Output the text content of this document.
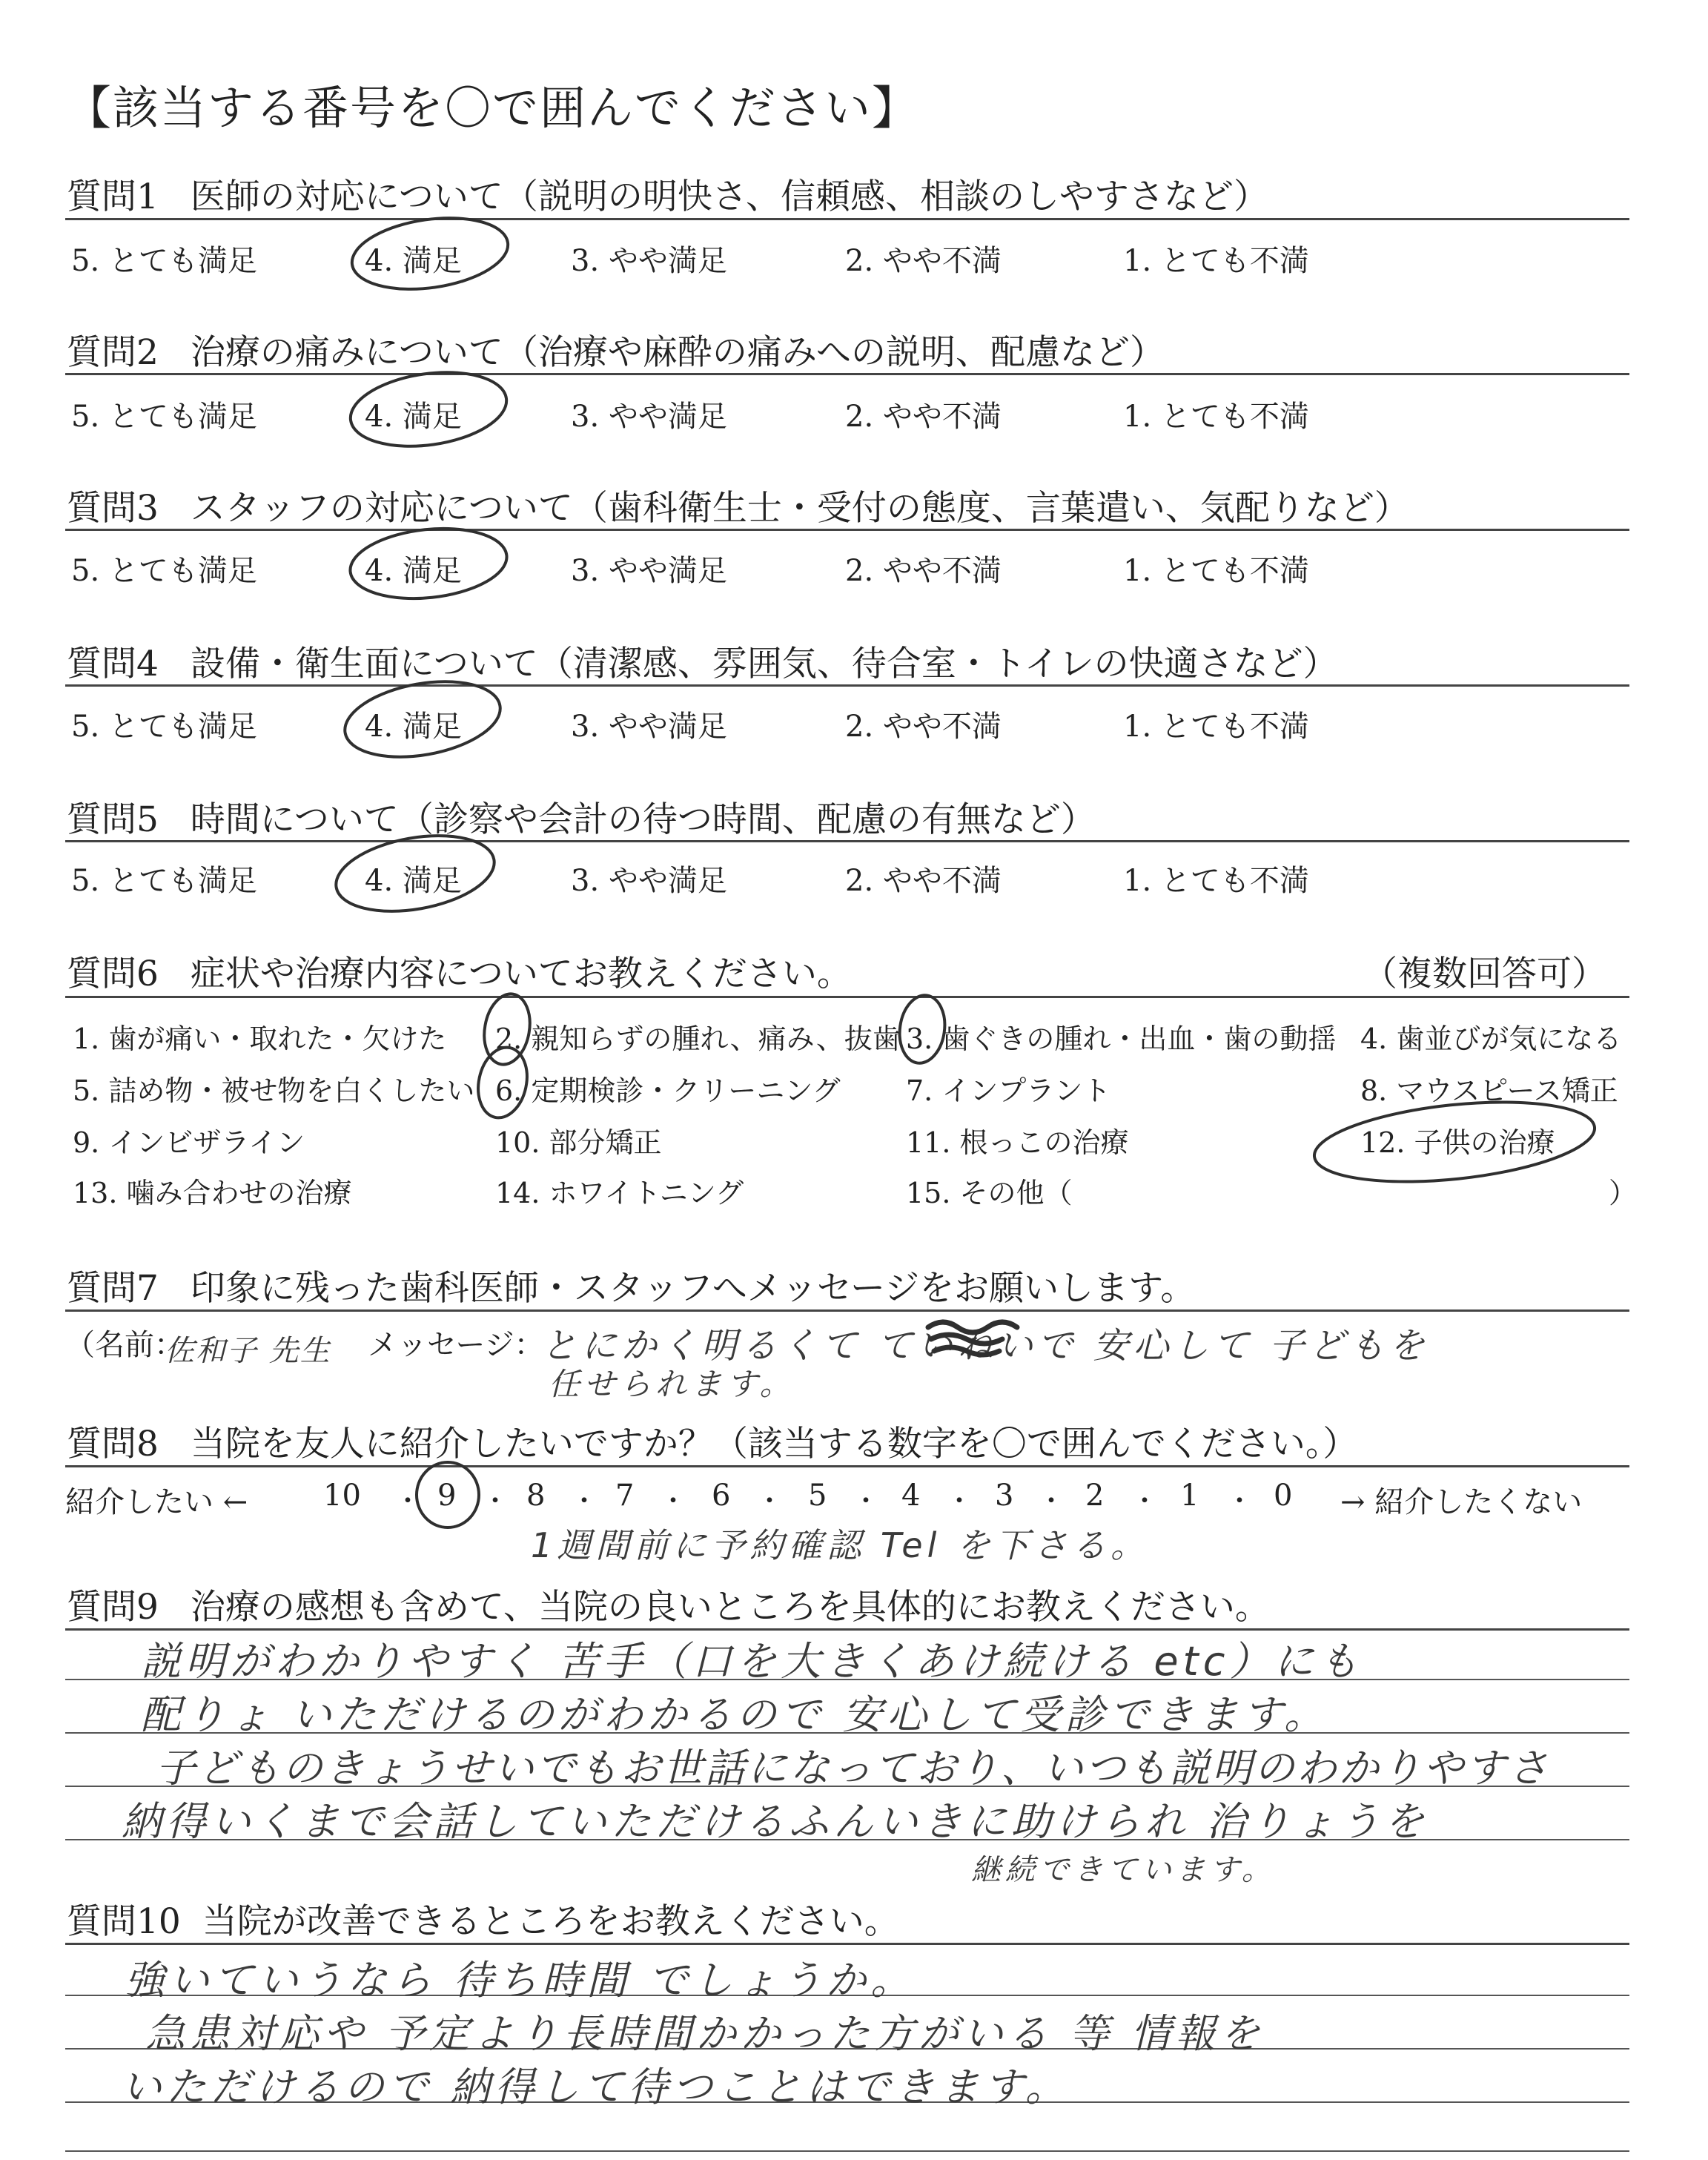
【該当する番号を〇で囲んでください】
質問1 医師の対応について（説明の明快さ、信頼感、相談のしやすさなど）
5. とても満足	4. 満足	3. やや満足	2. やや不満	1. とても不満
質問2 治療の痛みについて（治療や麻酔の痛みへの説明、配慮など）
5. とても満足	4. 満足	3. やや満足	2. やや不満	1. とても不満
質問3 スタッフの対応について（歯科衛生士・受付の態度、言葉遣い、気配りなど）
5. とても満足	4. 満足	3. やや満足	2. やや不満	1. とても不満
質問4 設備・衛生面について（清潔感、雰囲気、待合室・トイレの快適さなど）
5. とても満足	4. 満足	3. やや満足	2. やや不満	1. とても不満
質問5 時間について（診察や会計の待つ時間、配慮の有無など）
5. とても満足	4. 満足	3. やや満足	2. やや不満	1. とても不満
質問6 症状や治療内容についてお教えください。	（複数回答可）
1. 歯が痛い・取れた・欠けた 2. 親知らずの腫れ、痛み、抜歯 3. 歯ぐきの腫れ・出血・歯の動揺 4. 歯並びが気になる
5. 詰め物・被せ物を白くしたい 6. 定期検診・クリーニング 7. インプラント	8. マウスピース矯正
9. インビザライン	10. 部分矯正	11. 根っこの治療	12. 子供の治療
13. 噛み合わせの治療	14. ホワイトニング	15. その他（	）
質問7 印象に残った歯科医師・スタッフへメッセージをお願いします。
（名前：
佐和子 先生 メッセージ：
とにかく明るくて ていねいで 安心して 子どもを
任せられます。
質問8 当院を友人に紹介したいですか？（該当する数字を〇で囲んでください。）
紹介したい ←	10 ・ 9 ・ 8 ・ 7 ・ 6 ・ 5 ・ 4 ・ 3 ・ 2 ・ 1 ・ 0 → 紹介したくない
1週間前に予約確認 Tel を下さる。
質問9 治療の感想も含めて、当院の良いところを具体的にお教えください。
説明がわかりやすく 苦手（口を大きくあけ続ける etc）にも
配りょ いただけるのがわかるので 安心して受診できます。
子どものきょうせいでもお世話になっており、いつも説明のわかりやすさ
納得いくまで会話していただけるふんいきに助けられ 治りょうを
継続できています。
質問10 当院が改善できるところをお教えください。
強いていうなら 待ち時間 でしょうか。
急患対応や 予定より長時間かかった方がいる 等 情報を
いただけるので 納得して待つことはできます。
